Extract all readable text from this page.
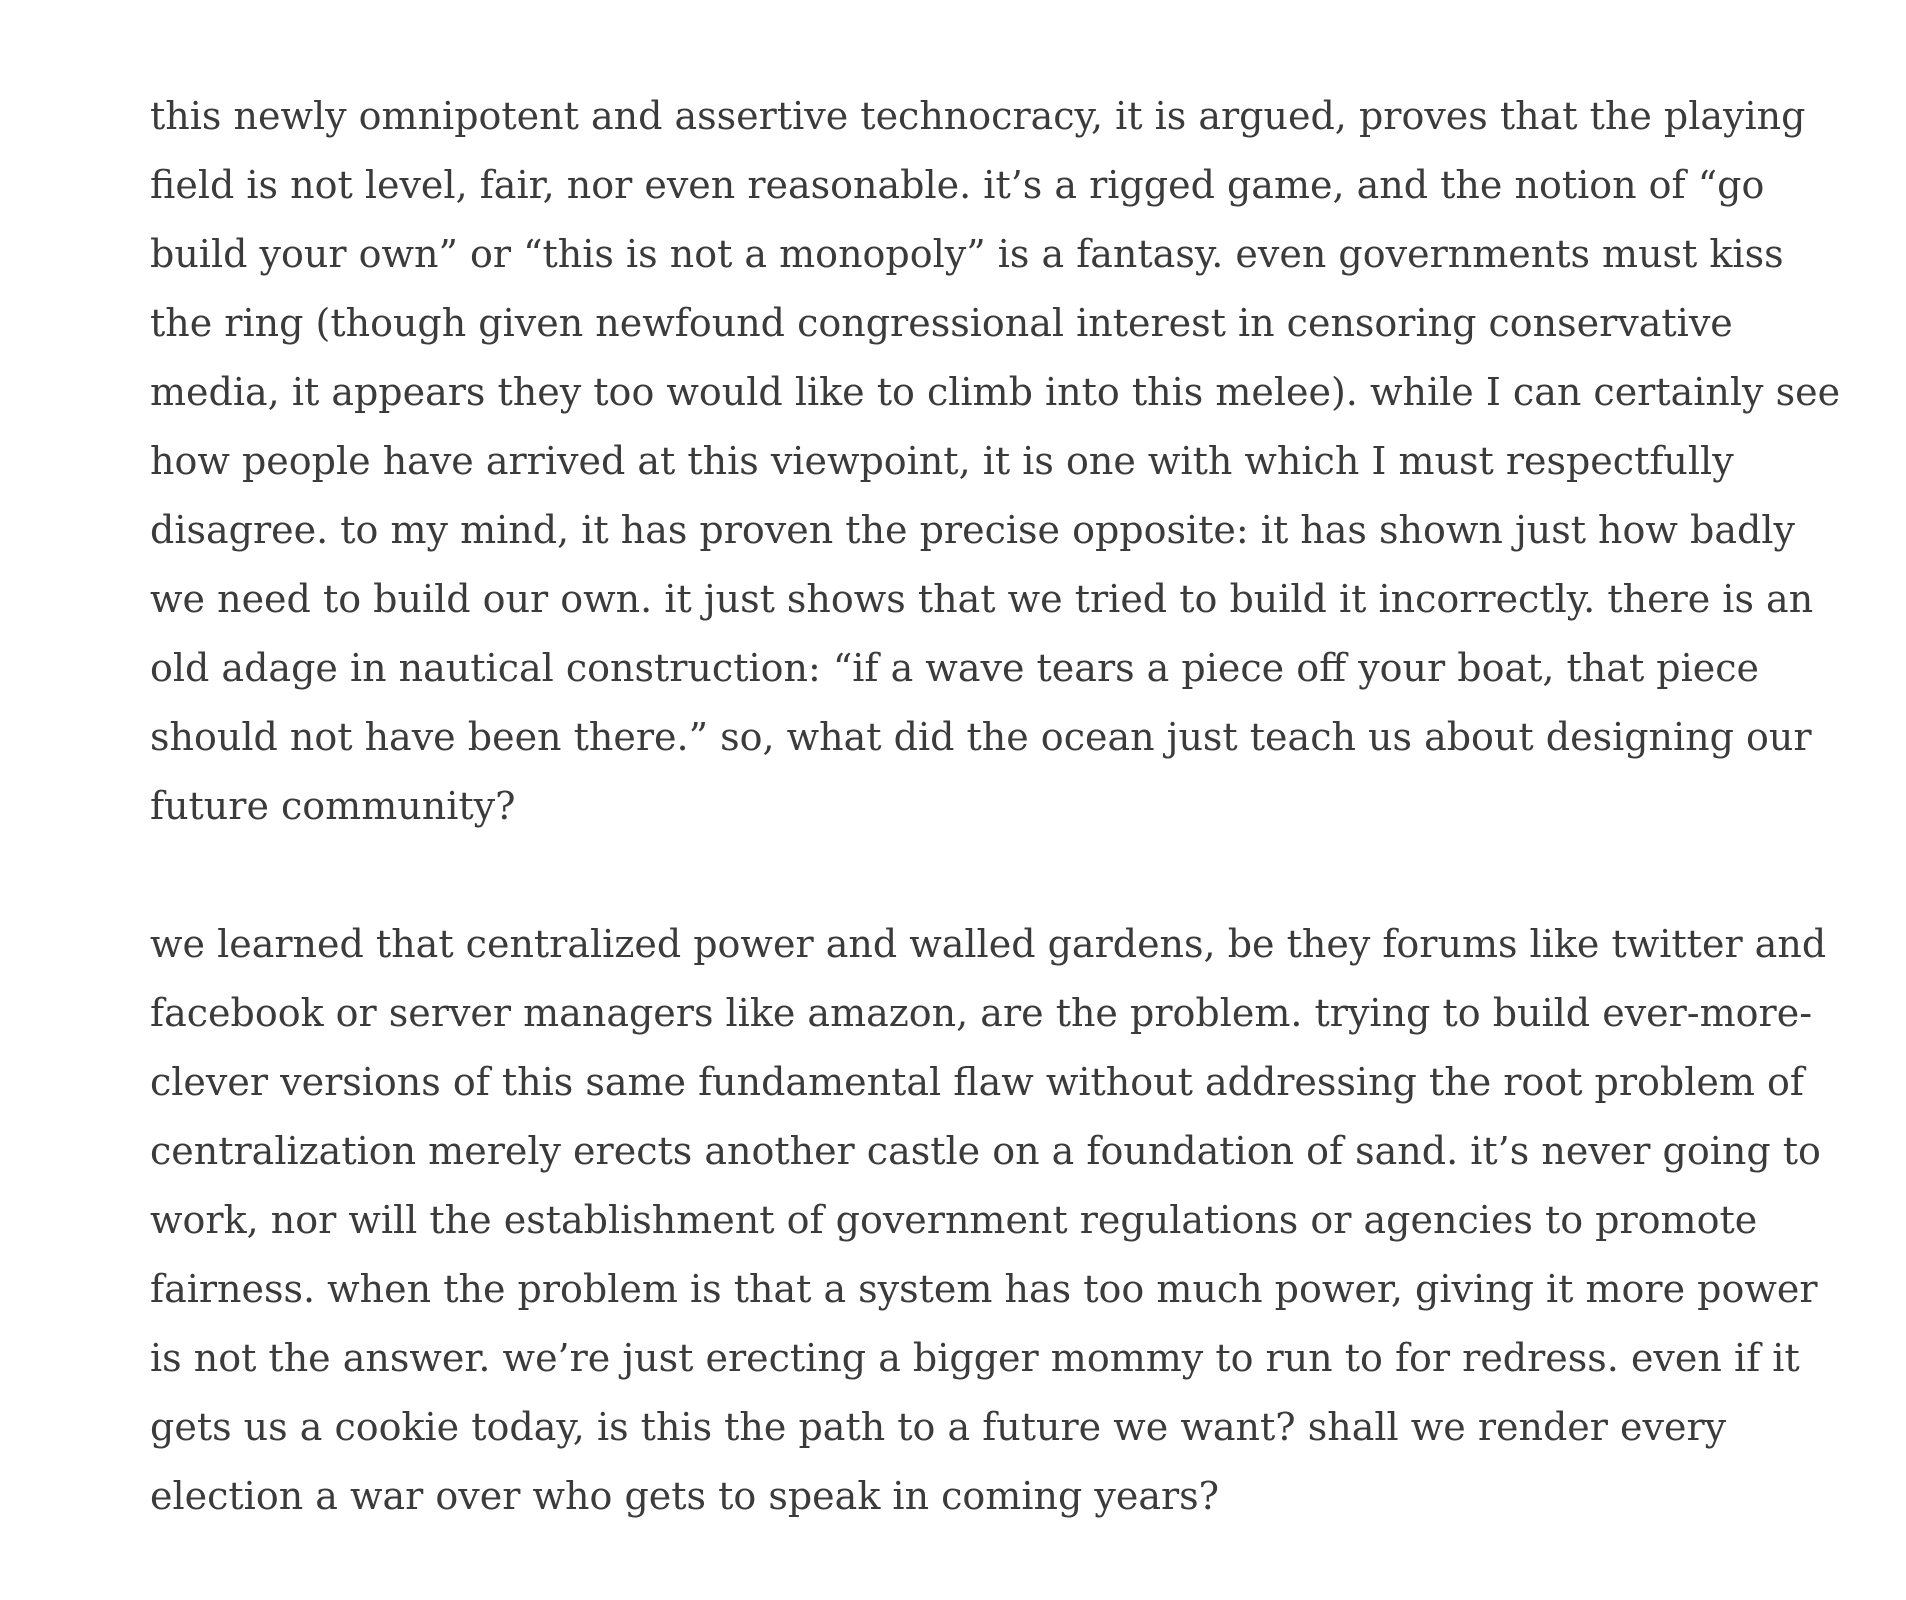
this newly omnipotent and assertive technocracy, it is argued, proves that the playing
field is not level, fair, nor even reasonable. it’s a rigged game, and the notion of “go
build your own” or “this is not a monopoly” is a fantasy. even governments must kiss
the ring (though given newfound congressional interest in censoring conservative
media, it appears they too would like to climb into this melee). while I can certainly see
how people have arrived at this viewpoint, it is one with which I must respectfully
disagree. to my mind, it has proven the precise opposite: it has shown just how badly
we need to build our own. it just shows that we tried to build it incorrectly. there is an
old adage in nautical construction: “if a wave tears a piece off your boat, that piece
should not have been there.” so, what did the ocean just teach us about designing our
future community?

we learned that centralized power and walled gardens, be they forums like twitter and
facebook or server managers like amazon, are the problem. trying to build ever-more-
clever versions of this same fundamental flaw without addressing the root problem of
centralization merely erects another castle on a foundation of sand. it’s never going to
work, nor will the establishment of government regulations or agencies to promote
fairness. when the problem is that a system has too much power, giving it more power
is not the answer. we’re just erecting a bigger mommy to run to for redress. even if it
gets us a cookie today, is this the path to a future we want? shall we render every
election a war over who gets to speak in coming years?
